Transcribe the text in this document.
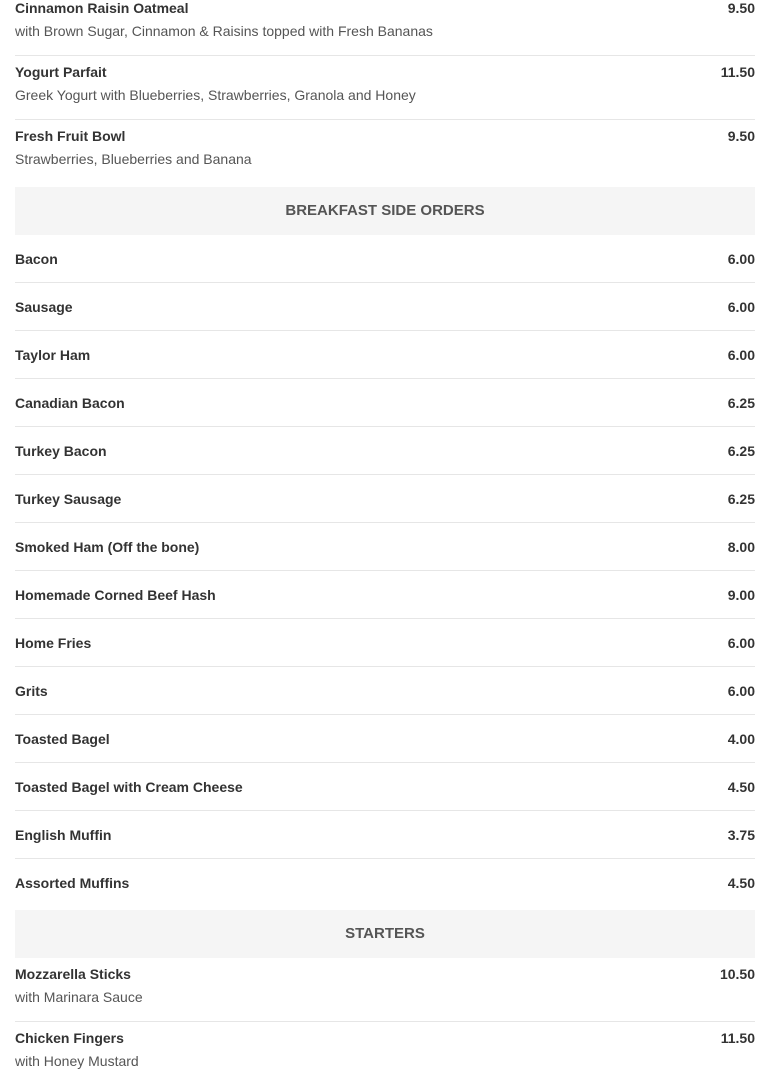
Cinnamon Raisin Oatmeal	9.50
with Brown Sugar, Cinnamon & Raisins topped with Fresh Bananas
Yogurt Parfait	11.50
Greek Yogurt with Blueberries, Strawberries, Granola and Honey
Fresh Fruit Bowl	9.50
Strawberries, Blueberries and Banana
BREAKFAST SIDE ORDERS
Bacon	6.00
Sausage	6.00
Taylor Ham	6.00
Canadian Bacon	6.25
Turkey Bacon	6.25
Turkey Sausage	6.25
Smoked Ham (Off the bone)	8.00
Homemade Corned Beef Hash	9.00
Home Fries	6.00
Grits	6.00
Toasted Bagel	4.00
Toasted Bagel with Cream Cheese	4.50
English Muffin	3.75
Assorted Muffins	4.50
STARTERS
Mozzarella Sticks	10.50
with Marinara Sauce
Chicken Fingers	11.50
with Honey Mustard
